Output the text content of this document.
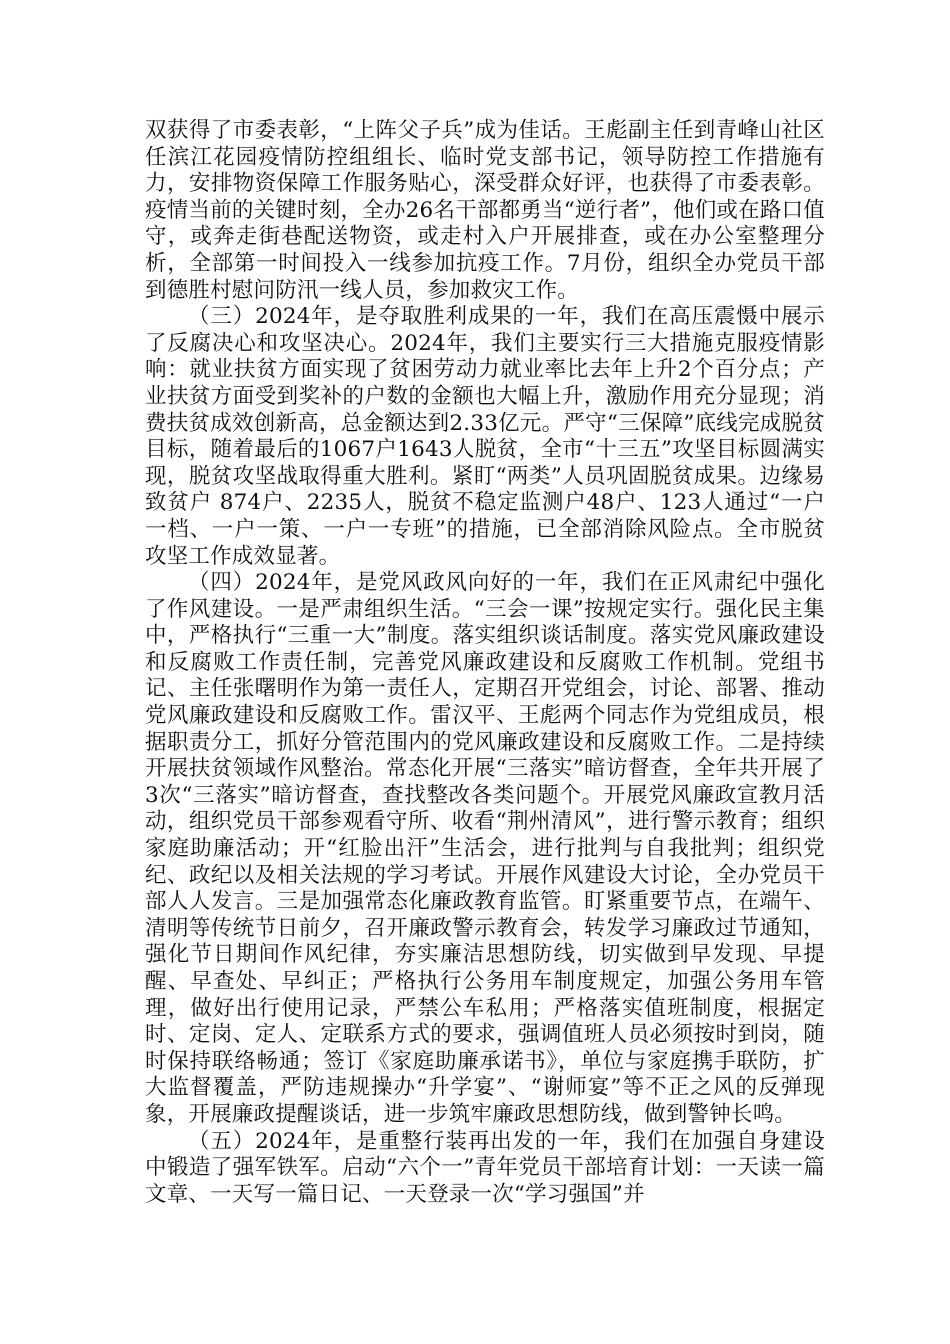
双获得了市委表彰，“上阵父子兵”成为佳话。王彪副主任到青峰山社区任滨江花园疫情防控组组长、临时党支部书记，领导防控工作措施有力，安排物资保障工作服务贴心，深受群众好评，也获得了市委表彰。疫情当前的关键时刻，全办26名干部都勇当“逆行者”，他们或在路口值守，或奔走街巷配送物资，或走村入户开展排查，或在办公室整理分析，全部第一时间投入一线参加抗疫工作。7月份，组织全办党员干部到德胜村慰问防汛一线人员，参加救灾工作。

（三）2024年，是夺取胜利成果的一年，我们在高压震慑中展示了反腐决心和攻坚决心。2024年，我们主要实行三大措施克服疫情影响：就业扶贫方面实现了贫困劳动力就业率比去年上升2个百分点；产业扶贫方面受到奖补的户数的金额也大幅上升，激励作用充分显现；消费扶贫成效创新高，总金额达到2.33亿元。严守“三保障”底线完成脱贫目标，随着最后的1067户1643人脱贫，全市“十三五”攻坚目标圆满实现，脱贫攻坚战取得重大胜利。紧盯“两类”人员巩固脱贫成果。边缘易致贫户 874户、2235人，脱贫不稳定监测户48户、123人通过“一户一档、一户一策、一户一专班”的措施，已全部消除风险点。全市脱贫攻坚工作成效显著。

（四）2024年，是党风政风向好的一年，我们在正风肃纪中强化了作风建设。一是严肃组织生活。“三会一课”按规定实行。强化民主集中，严格执行“三重一大”制度。落实组织谈话制度。落实党风廉政建设和反腐败工作责任制，完善党风廉政建设和反腐败工作机制。党组书记、主任张曙明作为第一责任人，定期召开党组会，讨论、部署、推动党风廉政建设和反腐败工作。雷汉平、王彪两个同志作为党组成员，根据职责分工，抓好分管范围内的党风廉政建设和反腐败工作。二是持续开展扶贫领域作风整治。常态化开展“三落实”暗访督查，全年共开展了3次“三落实”暗访督查，查找整改各类问题个。开展党风廉政宣教月活动，组织党员干部参观看守所、收看“荆州清风”，进行警示教育；组织家庭助廉活动；开“红脸出汗”生活会，进行批判与自我批判；组织党纪、政纪以及相关法规的学习考试。开展作风建设大讨论，全办党员干部人人发言。三是加强常态化廉政教育监管。盯紧重要节点，在端午、清明等传统节日前夕，召开廉政警示教育会，转发学习廉政过节通知，强化节日期间作风纪律，夯实廉洁思想防线，切实做到早发现、早提醒、早查处、早纠正；严格执行公务用车制度规定，加强公务用车管理，做好出行使用记录，严禁公车私用；严格落实值班制度，根据定时、定岗、定人、定联系方式的要求，强调值班人员必须按时到岗，随时保持联络畅通；签订《家庭助廉承诺书》，单位与家庭携手联防，扩大监督覆盖，严防违规操办“升学宴”、“谢师宴”等不正之风的反弹现象，开展廉政提醒谈话，进一步筑牢廉政思想防线，做到警钟长鸣。

（五）2024年，是重整行装再出发的一年，我们在加强自身建设中锻造了强军铁军。启动“六个一”青年党员干部培育计划：一天读一篇文章、一天写一篇日记、一天登录一次“学习强国”并
